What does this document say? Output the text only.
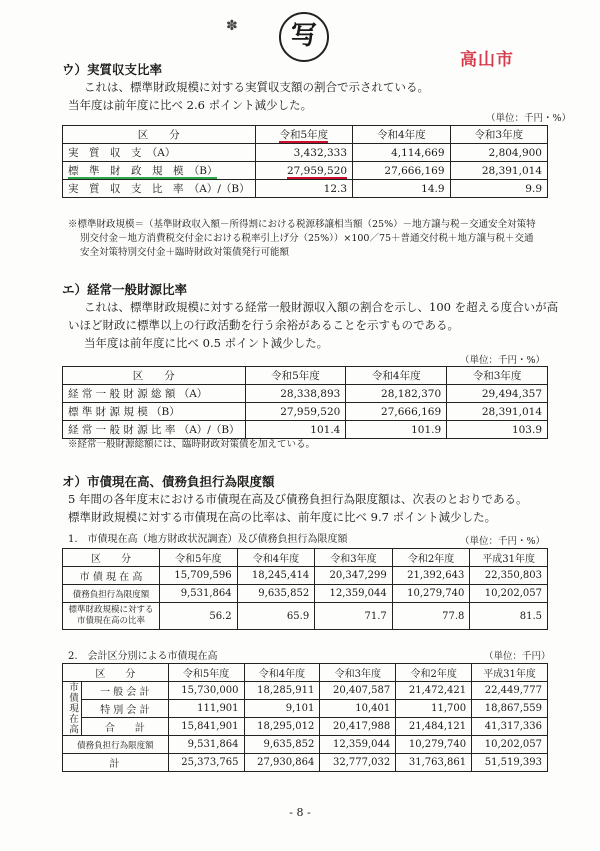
✽	写
高山市
ウ）実質収支比率
これは、標準財政規模に対する実質収支額の割合で示されている。
当年度は前年度に比べ 2.6 ポイント減少した。
（単位：千円・%）
区　　分	令和5年度	令和4年度	令和3年度
実　質　収　支　（A）	3,432,333	4,114,669	2,804,900
標　準　財　政　規　模　（B）	27,959,520	27,666,169	28,391,014
実　質　収　支　比　率　（A）/（B）	12.3	14.9	9.9
※標準財政規模＝（基準財政収入額－所得割における税源移譲相当額（25%）－地方譲与税－交通安全対策特
別交付金－地方消費税交付金における税率引上げ分（25%））×100／75＋普通交付税＋地方譲与税＋交通
安全対策特別交付金＋臨時財政対策債発行可能額
エ）経常一般財源比率
これは、標準財政規模に対する経常一般財源収入額の割合を示し、100 を超える度合いが高
いほど財政に標準以上の行政活動を行う余裕があることを示すものである。
当年度は前年度に比べ 0.5 ポイント減少した。
（単位：千円・%）
区　　分	令和5年度	令和4年度	令和3年度
経 常 一 般 財 源 総 額 （A）	28,338,893	28,182,370	29,494,357
標 準 財 源 規 模 （B）	27,959,520	27,666,169	28,391,014
経 常 一 般 財 源 比 率 （A）/（B）	101.4	101.9	103.9
※経常一般財源総額には、臨時財政対策債を加えている。
オ）市債現在高、債務負担行為限度額
5 年間の各年度末における市債現在高及び債務負担行為限度額は、次表のとおりである。
標準財政規模に対する市債現在高の比率は、前年度に比べ 9.7 ポイント減少した。
1.　市債現在高（地方財政状況調査）及び債務負担行為限度額	（単位：千円・%）
区　　分	令和5年度	令和4年度	令和3年度	令和2年度	平成31年度
市 債 現 在 高	15,709,596	18,245,414	20,347,299	21,392,643	22,350,803
債務負担行為限度額	9,531,864	9,635,852	12,359,044	10,279,740	10,202,057
標準財政規模に対する市債現在高の比率	56.2	65.9	71.7	77.8	81.5
2.　会計区分別による市債現在高	（単位：千円）
区　　分		令和5年度	令和4年度	令和3年度	令和2年度	平成31年度
市債現在高	一 般 会 計	15,730,000	18,285,911	20,407,587	21,472,421	22,449,777
	特 別 会 計	111,901	9,101	10,401	11,700	18,867,559
	合　　計	15,841,901	18,295,012	20,417,988	21,484,121	41,317,336
債務負担行為限度額		9,531,864	9,635,852	12,359,044	10,279,740	10,202,057
計		25,373,765	27,930,864	32,777,032	31,763,861	51,519,393
- 8 -
